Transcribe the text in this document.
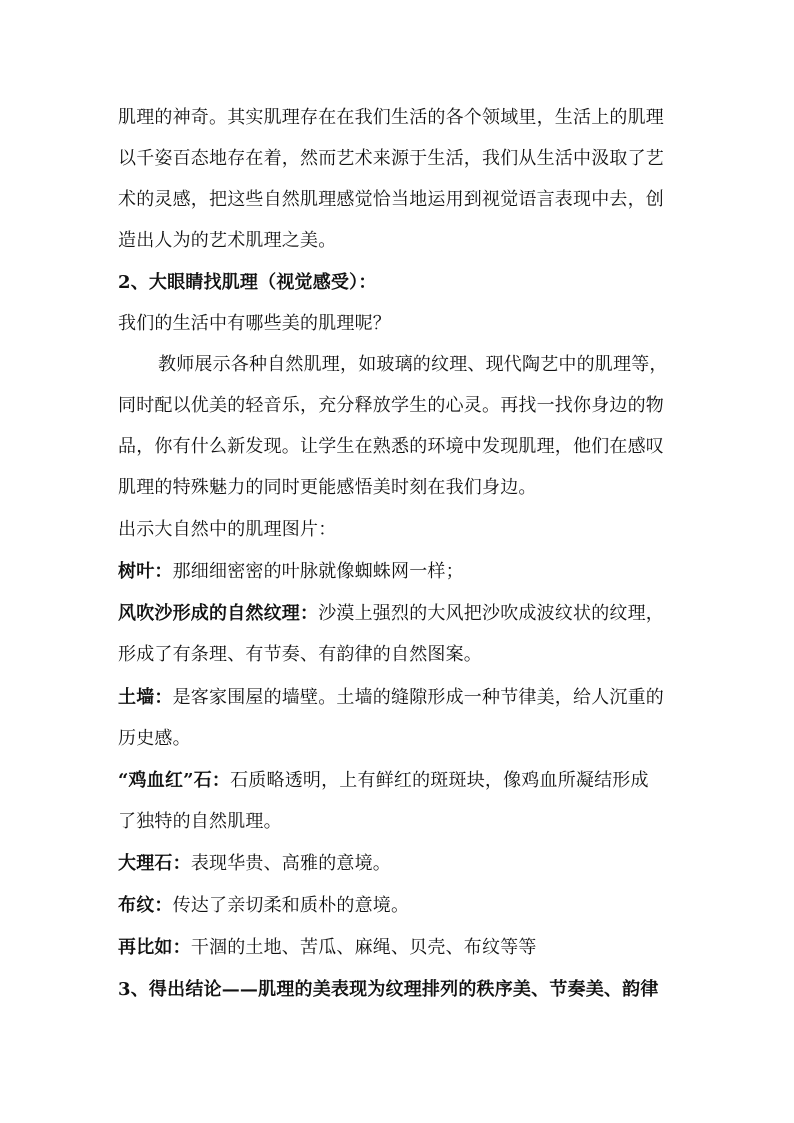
肌理的神奇。其实肌理存在在我们生活的各个领域里，生活上的肌理
以千姿百态地存在着，然而艺术来源于生活，我们从生活中汲取了艺
术的灵感，把这些自然肌理感觉恰当地运用到视觉语言表现中去，创
造出人为的艺术肌理之美。
2、大眼睛找肌理（视觉感受）：
我们的生活中有哪些美的肌理呢？
教师展示各种自然肌理，如玻璃的纹理、现代陶艺中的肌理等，
同时配以优美的轻音乐，充分释放学生的心灵。再找一找你身边的物
品，你有什么新发现。让学生在熟悉的环境中发现肌理，他们在感叹
肌理的特殊魅力的同时更能感悟美时刻在我们身边。
出示大自然中的肌理图片：
树叶：那细细密密的叶脉就像蜘蛛网一样；
风吹沙形成的自然纹理：沙漠上强烈的大风把沙吹成波纹状的纹理，
形成了有条理、有节奏、有韵律的自然图案。
土墙：是客家围屋的墙壁。土墙的缝隙形成一种节律美，给人沉重的
历史感。
“鸡血红”石：石质略透明，上有鲜红的斑斑块，像鸡血所凝结形成
了独特的自然肌理。
大理石：表现华贵、高雅的意境。
布纹：传达了亲切柔和质朴的意境。
再比如：干涸的土地、苦瓜、麻绳、贝壳、布纹等等
3、得出结论——肌理的美表现为纹理排列的秩序美、节奏美、韵律
